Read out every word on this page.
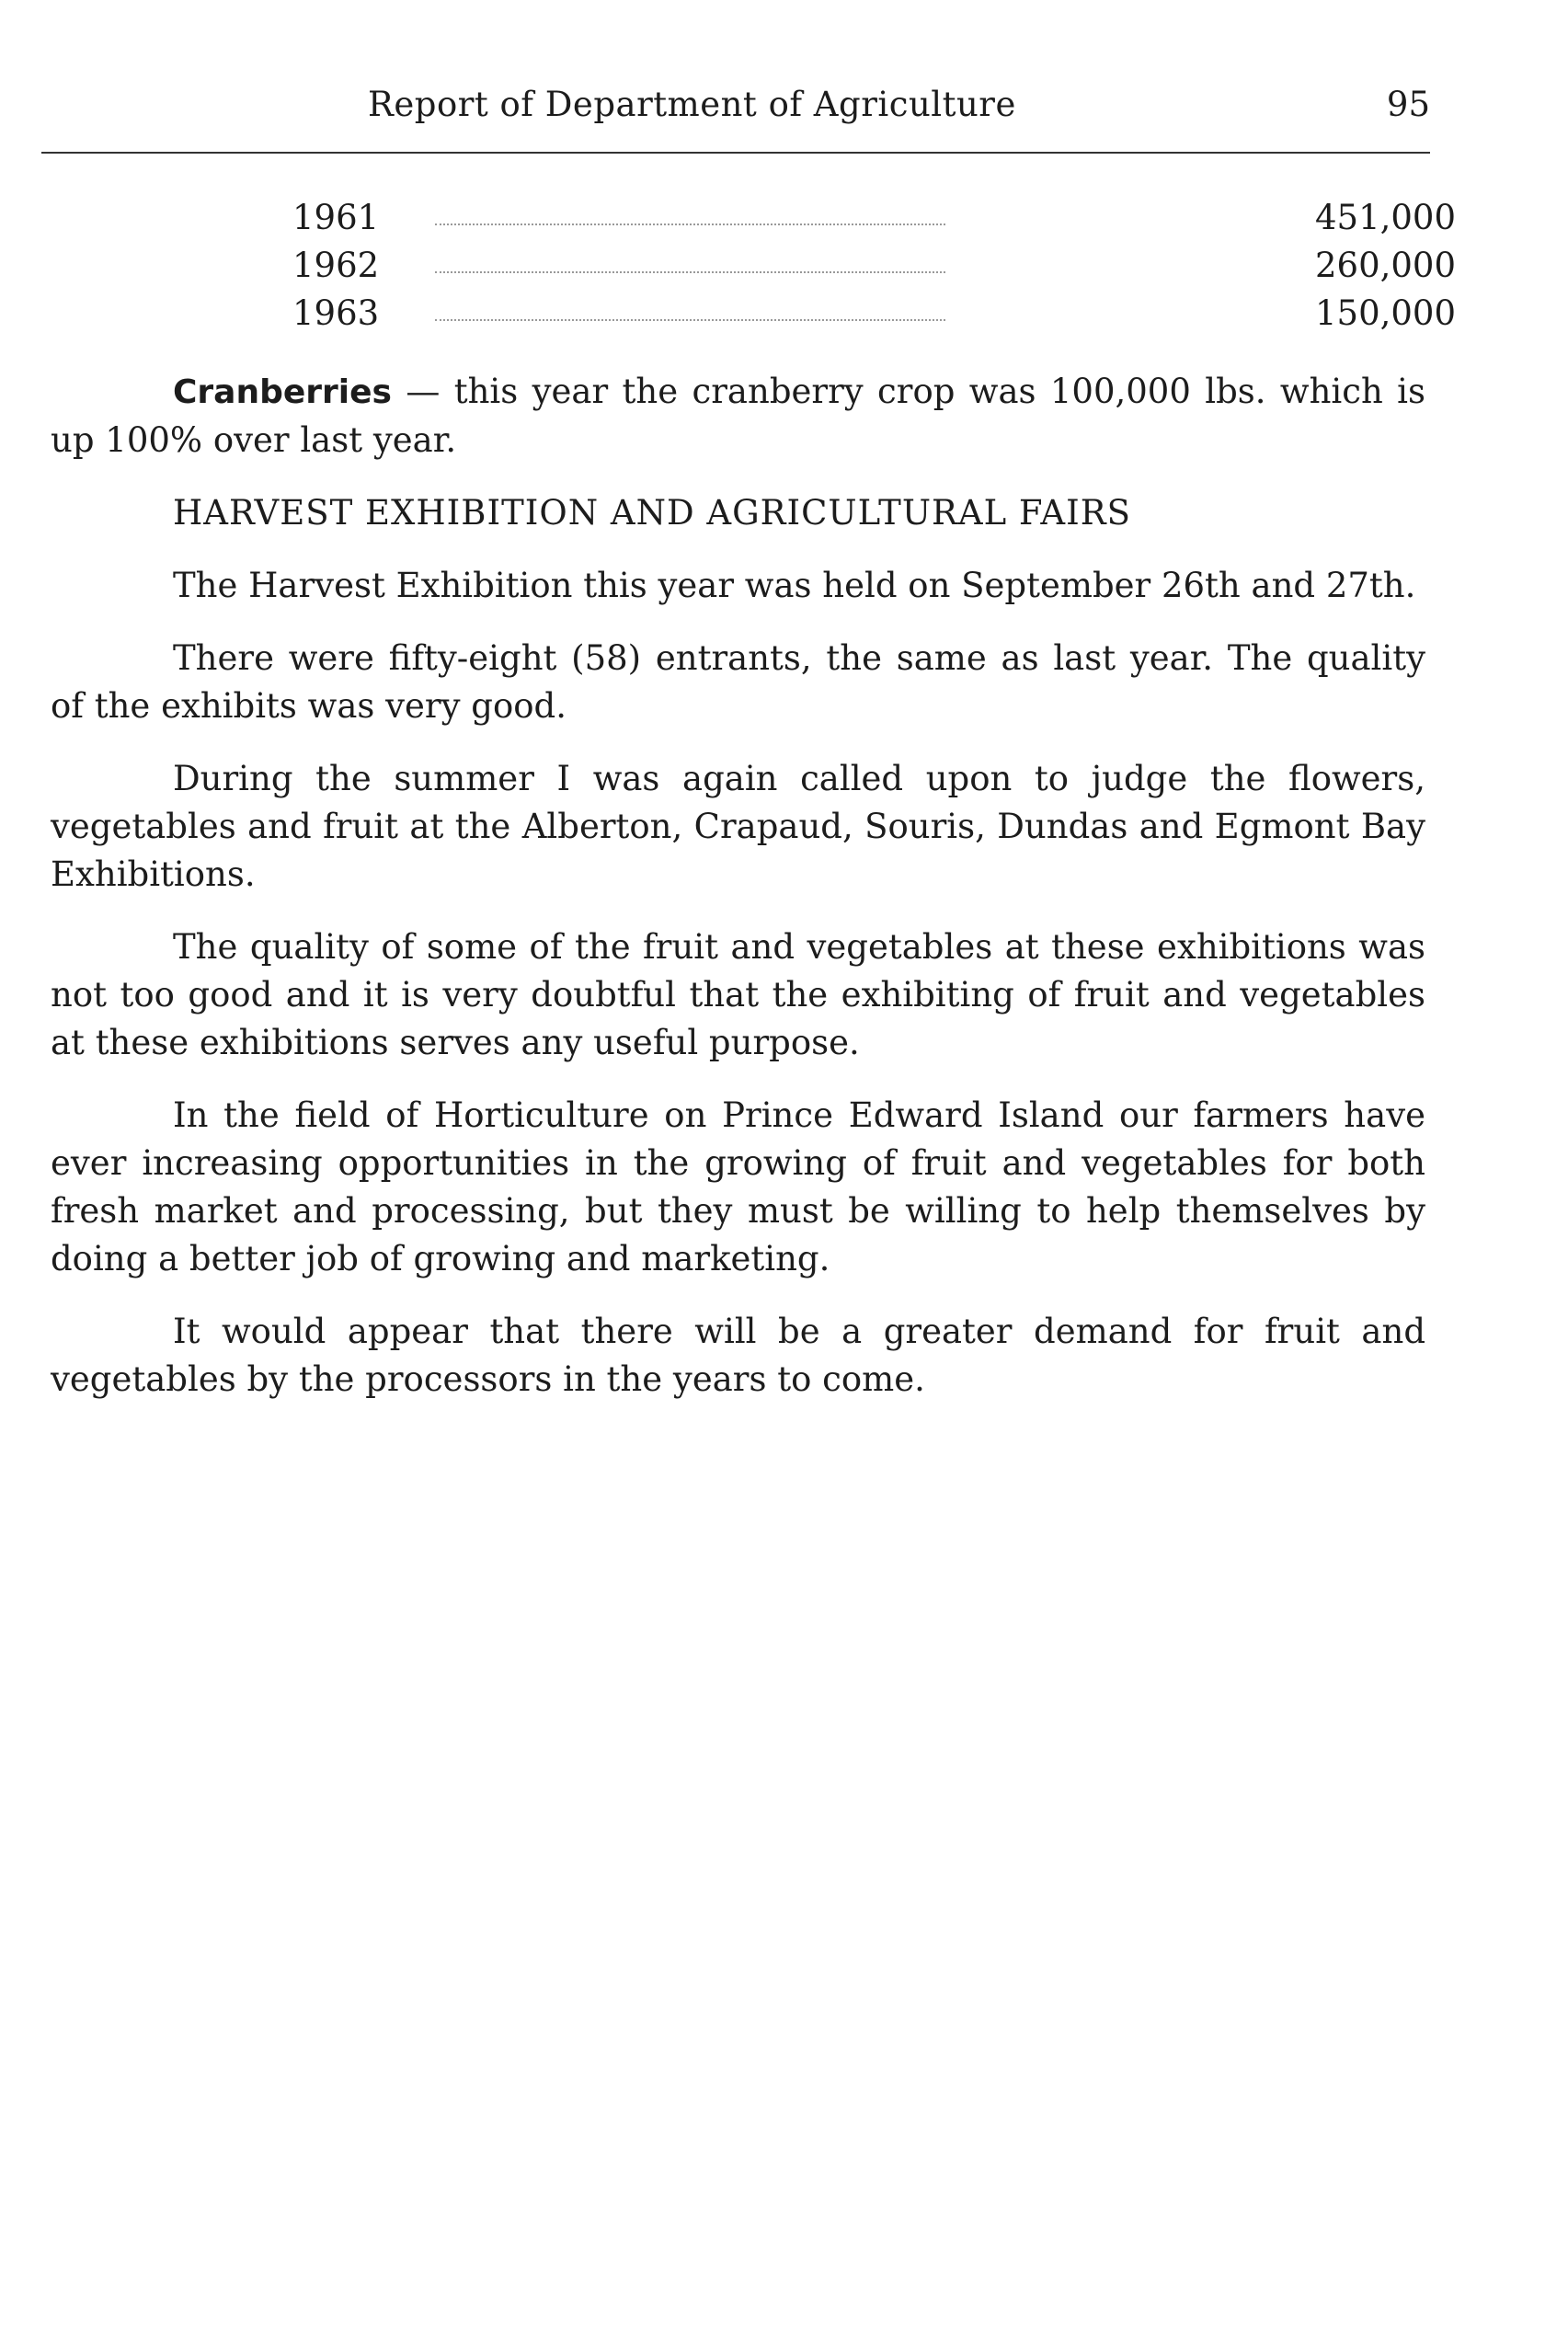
Report of Department of Agriculture	95
1961	451,000
1962	260,000
1963	150,000

Cranberries — this year the cranberry crop was 100,000 lbs. which is up 100% over last year.

HARVEST EXHIBITION AND AGRICULTURAL FAIRS

The Harvest Exhibition this year was held on September 26th and 27th.

There were fifty-eight (58) entrants, the same as last year. The quality of the exhibits was very good.

During the summer I was again called upon to judge the flowers, vegetables and fruit at the Alberton, Crapaud, Souris, Dundas and Egmont Bay Exhibitions.

The quality of some of the fruit and vegetables at these exhibitions was not too good and it is very doubtful that the exhibiting of fruit and vegetables at these exhibitions serves any useful purpose.

In the field of Horticulture on Prince Edward Island our farmers have ever increasing opportunities in the growing of fruit and vegetables for both fresh market and processing, but they must be willing to help themselves by doing a better job of growing and marketing.

It would appear that there will be a greater demand for fruit and vegetables by the processors in the years to come.
